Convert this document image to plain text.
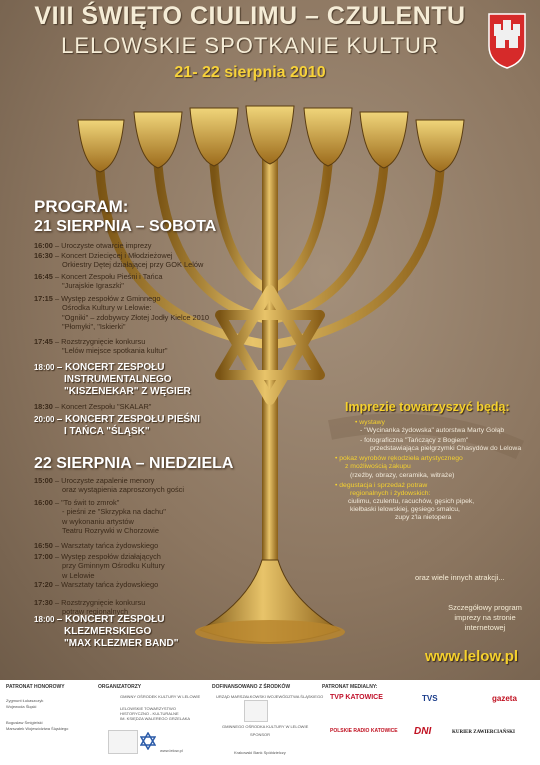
VIII ŚWIĘTO CIULIMU – CZULENTU
LELOWSKIE SPOTKANIE KULTUR
21- 22 sierpnia 2010
PROGRAM:
21 SIERPNIA – SOBOTA
16:00 – Uroczyste otwarcie imprezy
16:30 – Koncert Dziecięcej i Młodzieżowej
Orkiestry Dętej działającej przy GOK Lelów
16:45 – Koncert Zespołu Pieśni i Tańca
"Jurajskie Igraszki"
17:15 – Występ zespołów z Gminnego
Ośrodka Kultury w Lelowie:
"Ogniki" – zdobywcy Złotej Jodły Kielce 2010
"Płomyki", "Iskierki"
17:45 – Rozstrzygnięcie konkursu
"Lelów miejsce spotkania kultur"
18:00 – KONCERT ZESPOŁU
INSTRUMENTALNEGO
"KISZENEKAR" Z WĘGIER
18:30 – Koncert Zespołu "SKALAR"
20:00 – KONCERT ZESPOŁU PIEŚNI
I TAŃCA "ŚLĄSK"
22 SIERPNIA – NIEDZIELA
15:00 – Uroczyste zapalenie menory
oraz wystąpienia zaproszonych gości
16:00 – "To świt to zmrok"
- pieśni ze "Skrzypka na dachu"
w wykonaniu artystów
Teatru Rozrywki w Chorzowie
16:50 – Warsztaty tańca żydowskiego
17:00 – Występ zespołów działających
przy Gminnym Ośrodku Kultury
w Lelowie
17:20 – Warsztaty tańca żydowskiego
17:30 – Rozstrzygnięcie konkursu
potraw regionalnych
18:00 – KONCERT ZESPOŁU
KLEZMERSKIEGO
"MAX KLEZMER BAND"
Imprezie towarzyszyć będą:
• wystawy
- "Wycinanka żydowska" autorstwa Marty Gołąb
- fotograficzna "Tańczący z Bogiem"
przedstawiająca pielgrzymki Chasydów do Lelowa
• pokaz wyrobów rękodzieła artystycznego
z możliwością zakupu
(rzeźby, obrazy, ceramika, witraże)
• degustacja i sprzedaż potraw
regionalnych i żydowskich:
ciulimu, czulentu, racuchów, gęsich pipek,
kiełbaski lelowskiej, gęsiego smalcu,
zupy z'la nietopera
oraz wiele innych atrakcji...
Szczegółowy program imprezy na stronie internetowej
www.lelow.pl
PATRONAT HONOROWY
Zygmunt Łukaszczyk
Wojewoda Śląski
Bogusław Śmigielski
Marszałek Województwa Śląskiego
ORGANIZATORZY
GMINNY OŚRODEK KULTURY W LELOWIE
LELOWSKIE TOWARZYSTWO
HISTORYCZNO - KULTURALNE
IM. KSIĘDZA WALEREGO GRZELAKA
www.lelow.pl
DOFINANSOWANO Z ŚRODKÓW
URZĄD MARSZAŁKOWSKI WOJEWÓDZTWA ŚLĄSKIEGO
GMINNEGO OŚRODKA KULTURY W LELOWIE
SPONSOR
Krakowski Bank Spółdzielczy
PATRONAT MEDIALNY:
TVP KATOWICE	TVS	gazeta
POLSKIE RADIO KATOWICE DNI	KURIER ZAWIERCIAŃSKI
